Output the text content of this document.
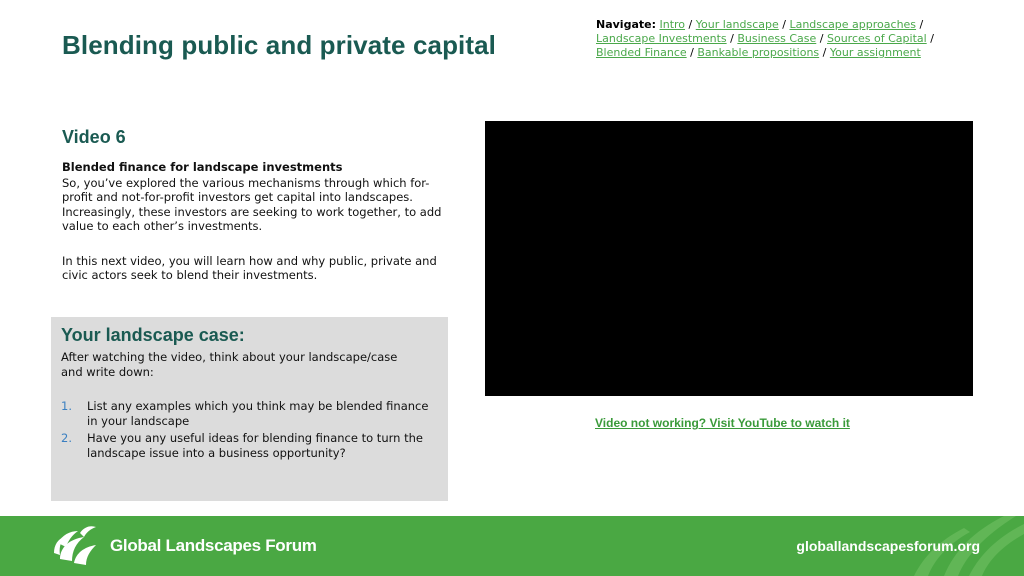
Blending public and private capital
Navigate: Intro / Your landscape / Landscape approaches /
Landscape Investments / Business Case / Sources of Capital /
Blended Finance / Bankable propositions / Your assignment
Video 6

Blended finance for landscape investments
So, you’ve explored the various mechanisms through which for-profit and not-for-profit investors get capital into landscapes. Increasingly, these investors are seeking to work together, to add value to each other’s investments.

In this next video, you will learn how and why public, private and civic actors seek to blend their investments.

Your landscape case:
After watching the video, think about your landscape/case and write down:
1.	List any examples which you think may be blended finance in your landscape
2.	Have you any useful ideas for blending finance to turn the landscape issue into a business opportunity?
Video not working? Visit YouTube to watch it
Global Landscapes Forum	globallandscapesforum.org
